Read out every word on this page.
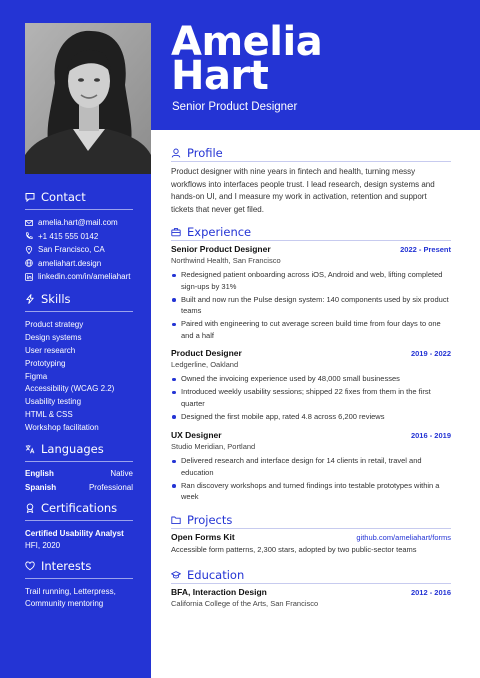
Amelia
Hart
Senior Product Designer
Contact
amelia.hart@mail.com
+1 415 555 0142
San Francisco, CA
ameliahart.design
linkedin.com/in/ameliahart
Skills
Product strategy
Design systems
User research
Prototyping
Figma
Accessibility (WCAG 2.2)
Usability testing
HTML & CSS
Workshop facilitation
Languages
English	Native
Spanish	Professional
Certifications
Certified Usability Analyst
HFI, 2020
Interests
Trail running, Letterpress,
Community mentoring
Profile
Product designer with nine years in fintech and health, turning messy workflows into interfaces people trust. I lead research, design systems and hands-on UI, and I measure my work in activation, retention and support tickets that never get filed.
Experience
Senior Product Designer	2022 - Present
Northwind Health, San Francisco
Redesigned patient onboarding across iOS, Android and web, lifting completed sign-ups by 31%
Built and now run the Pulse design system: 140 components used by six product teams
Paired with engineering to cut average screen build time from four days to one and a half
Product Designer	2019 - 2022
Ledgerline, Oakland
Owned the invoicing experience used by 48,000 small businesses
Introduced weekly usability sessions; shipped 22 fixes from them in the first quarter
Designed the first mobile app, rated 4.8 across 6,200 reviews
UX Designer	2016 - 2019
Studio Meridian, Portland
Delivered research and interface design for 14 clients in retail, travel and education
Ran discovery workshops and turned findings into testable prototypes within a week
Projects
Open Forms Kit	github.com/ameliahart/forms
Accessible form patterns, 2,300 stars, adopted by two public-sector teams
Education
BFA, Interaction Design	2012 - 2016
California College of the Arts, San Francisco
